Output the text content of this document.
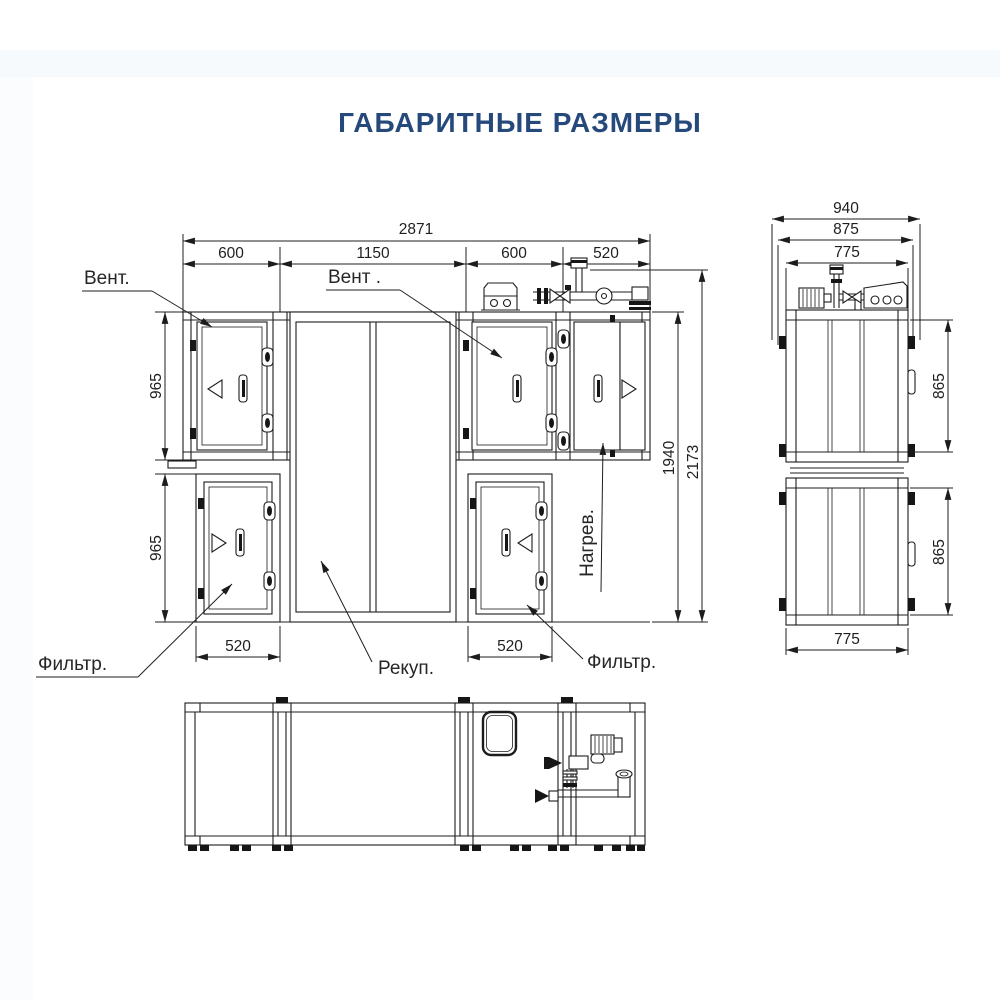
ГАБАРИТНЫЕ РАЗМЕРЫ
2871
600	1150	600	520
965
965
1940 2173
520	520
Вент.	Вент .
Нагрев.
Рекуп.
Фильтр.	Фильтр.
940
875
775
865
865
775
